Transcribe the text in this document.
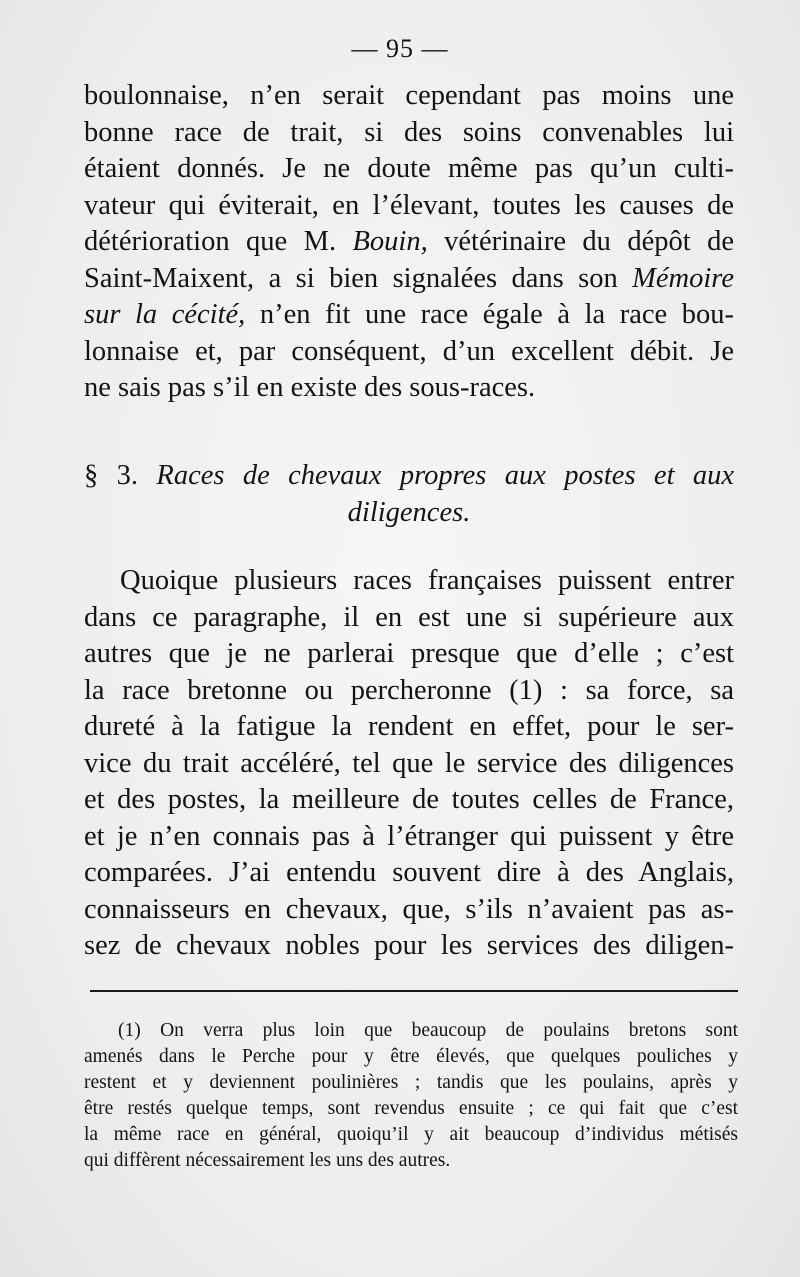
— 95 —
boulonnaise, n’en serait cependant pas moins une
bonne race de trait, si des soins convenables lui
étaient donnés. Je ne doute même pas qu’un culti-
vateur qui éviterait, en l’élevant, toutes les causes de
détérioration que M. Bouin, vétérinaire du dépôt de
Saint-Maixent, a si bien signalées dans son Mémoire
sur la cécité, n’en fit une race égale à la race bou-
lonnaise et, par conséquent, d’un excellent débit. Je
ne sais pas s’il en existe des sous-races.
§ 3. Races de chevaux propres aux postes et aux
diligences.
Quoique plusieurs races françaises puissent entrer
dans ce paragraphe, il en est une si supérieure aux
autres que je ne parlerai presque que d’elle ; c’est
la race bretonne ou percheronne (1) : sa force, sa
dureté à la fatigue la rendent en effet, pour le ser-
vice du trait accéléré, tel que le service des diligences
et des postes, la meilleure de toutes celles de France,
et je n’en connais pas à l’étranger qui puissent y être
comparées. J’ai entendu souvent dire à des Anglais,
connaisseurs en chevaux, que, s’ils n’avaient pas as-
sez de chevaux nobles pour les services des diligen-
(1) On verra plus loin que beaucoup de poulains bretons sont
amenés dans le Perche pour y être élevés, que quelques pouliches y
restent et y deviennent poulinières ; tandis que les poulains, après y
être restés quelque temps, sont revendus ensuite ; ce qui fait que c’est
la même race en général, quoiqu’il y ait beaucoup d’individus métisés
qui diffèrent nécessairement les uns des autres.
